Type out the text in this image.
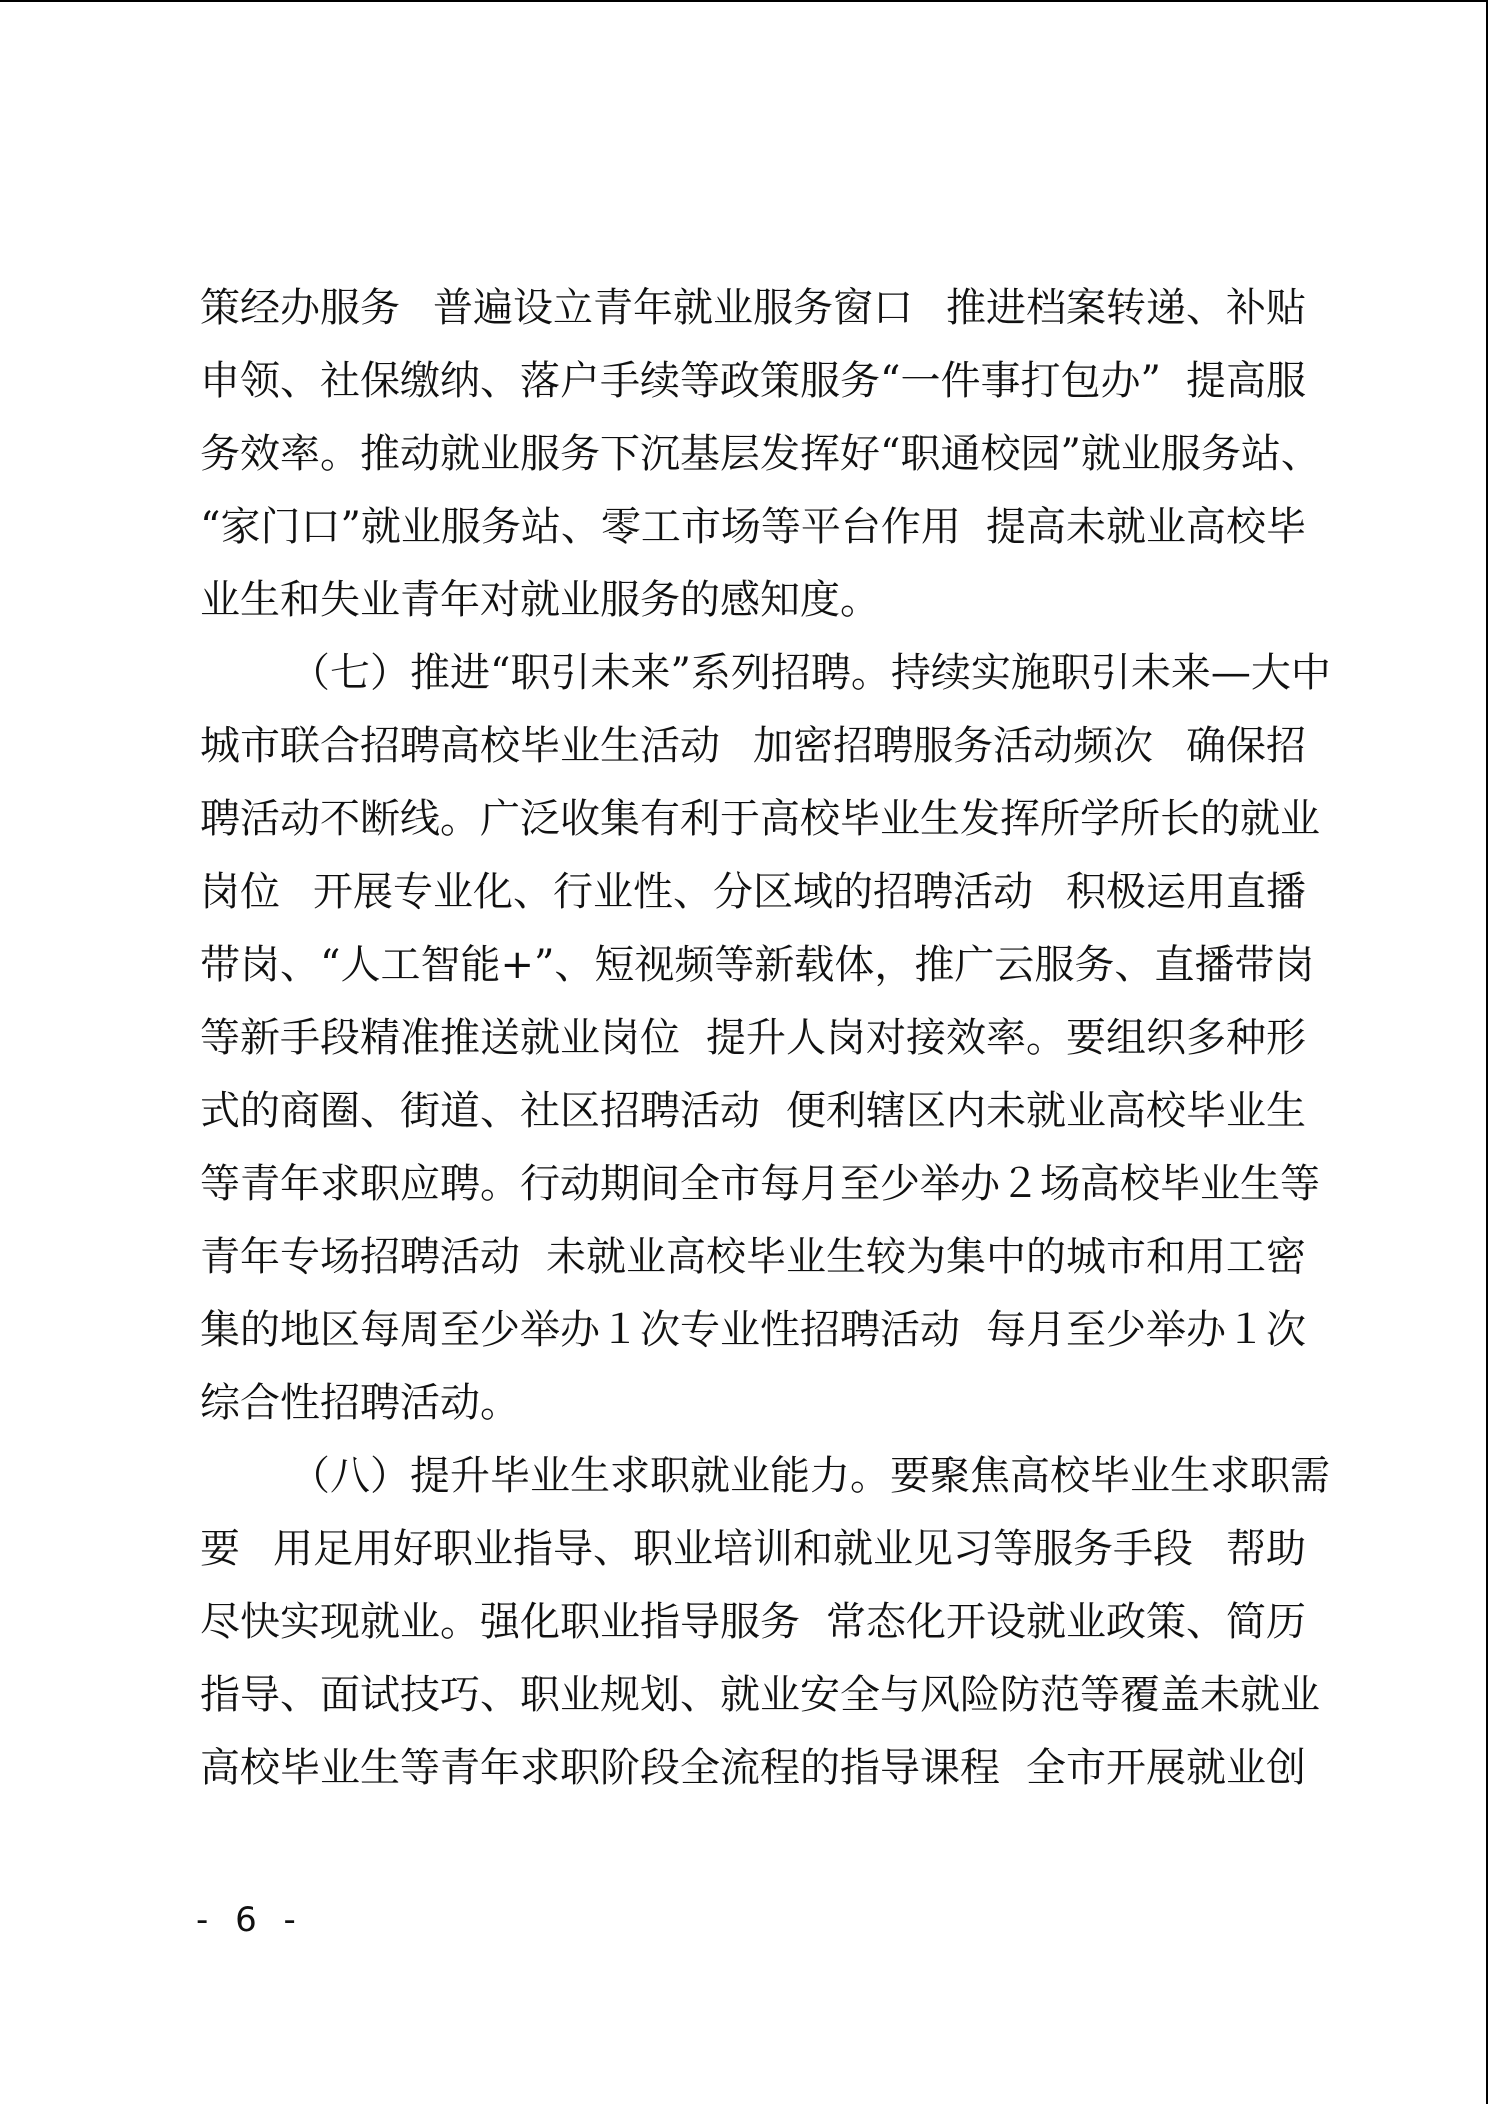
策经办服务 普遍设立青年就业服务窗口 推进档案转递、补贴
申领、社保缴纳、落户手续等政策服务“一件事打包办” 提高服
务效率。推动就业服务下沉基层 发挥好“职通校园”就业服务站、
“家门口”就业服务站、零工市场等平台作用 提高未就业高校毕
业生和失业青年对就业服务的感知度。
（七）推进“职引未来”系列招聘。持续实施职引未来—大中
城市联合招聘高校毕业生活动 加密招聘服务活动频次 确保招
聘活动不断线。广泛收集有利于高校毕业生发挥所学所长的就业
岗位 开展专业化、行业性、分区域的招聘活动 积极运用直播
带岗、“人工智能+”、短视频等新载体，推广云服务、直播带岗
等新手段精准推送就业岗位 提升人岗对接效率。要组织多种形
式的商圈、街道、社区招聘活动 便利辖区内未就业高校毕业生
等青年求职应聘。行动期间全市每月至少举办２场高校毕业生等
青年专场招聘活动 未就业高校毕业生较为集中的城市和用工密
集的地区每周至少举办１次专业性招聘活动 每月至少举办１次
综合性招聘活动。
（八）提升毕业生求职就业能力。要聚焦高校毕业生求职需
要 用足用好职业指导、职业培训和就业见习等服务手段 帮助
尽快实现就业。强化职业指导服务 常态化开设就业政策、简历
指导、面试技巧、职业规划、就业安全与风险防范等覆盖未就业
高校毕业生等青年求职阶段全流程的指导课程 全市开展就业创
- 6 -
